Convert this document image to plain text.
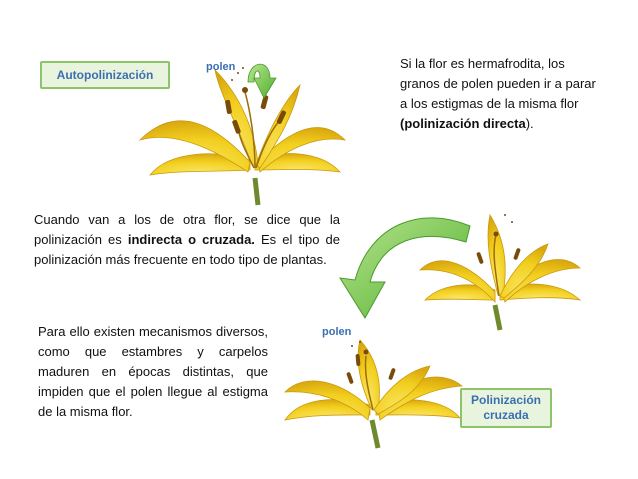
Autopolinización
Polinización cruzada
polen
polen

Si la flor es hermafrodita, los granos de polen pueden ir a parar a los estigmas de la misma flor (polinización directa).

Cuando van a los de otra flor, se dice que la polinización es indirecta o cruzada. Es el tipo de polinización más frecuente en todo tipo de plantas.

Para ello existen mecanismos diversos, como que estambres y carpelos maduren en épocas distintas, que impiden que el polen llegue al estigma de la misma flor.
